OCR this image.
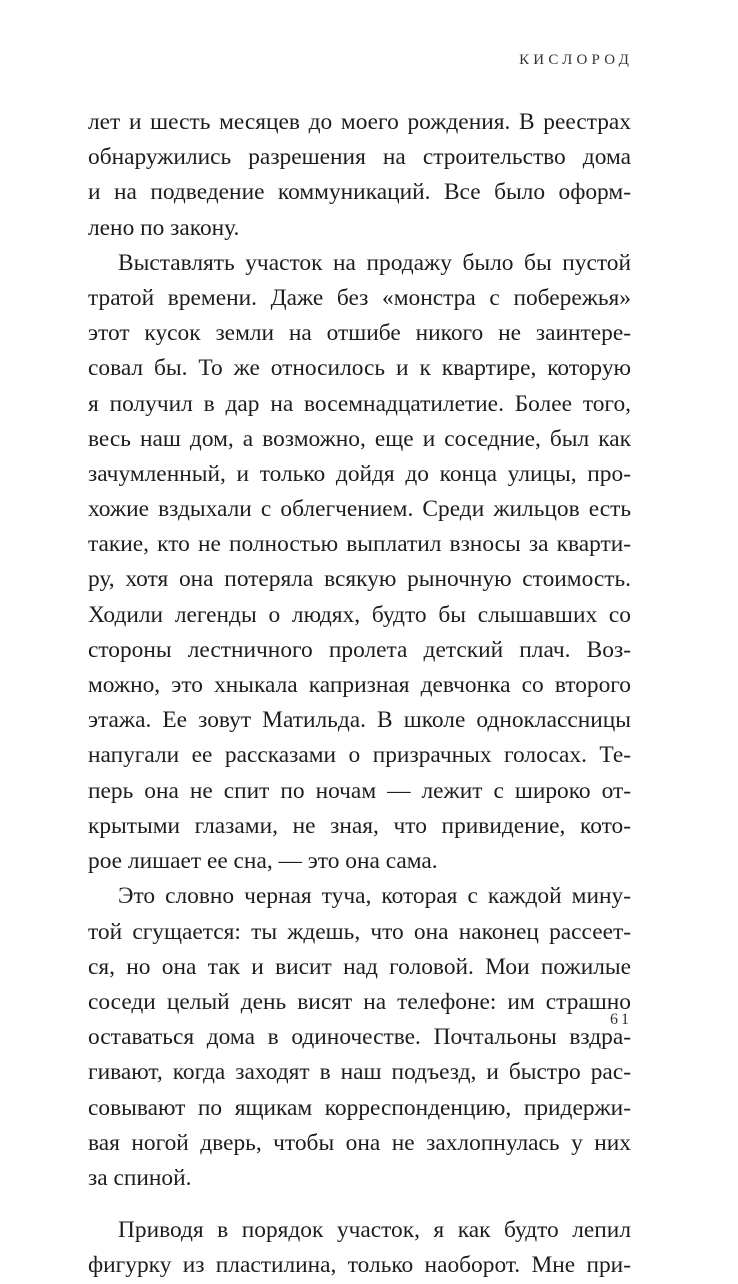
КИСЛОРОД
лет и шесть месяцев до моего рождения. В реестрах
обнаружились разрешения на строительство дома
и на подведение коммуникаций. Все было оформ-
лено по закону.
Выставлять участок на продажу было бы пустой
тратой времени. Даже без «монстра с побережья»
этот кусок земли на отшибе никого не заинтере-
совал бы. То же относилось и к квартире, которую
я получил в дар на восемнадцатилетие. Более того,
весь наш дом, а возможно, еще и соседние, был как
зачумленный, и только дойдя до конца улицы, про-
хожие вздыхали с облегчением. Среди жильцов есть
такие, кто не полностью выплатил взносы за кварти-
ру, хотя она потеряла всякую рыночную стоимость.
Ходили легенды о людях, будто бы слышавших со
стороны лестничного пролета детский плач. Воз-
можно, это хныкала капризная девчонка со второго
этажа. Ее зовут Матильда. В школе одноклассницы
напугали ее рассказами о призрачных голосах. Те-
перь она не спит по ночам — лежит с широко от-
крытыми глазами, не зная, что привидение, кото-
рое лишает ее сна, — это она сама.
Это словно черная туча, которая с каждой мину-
той сгущается: ты ждешь, что она наконец рассеет-
ся, но она так и висит над головой. Мои пожилые
соседи целый день висят на телефоне: им страшно
оставаться дома в одиночестве. Почтальоны вздра-
гивают, когда заходят в наш подъезд, и быстро рас-
совывают по ящикам корреспонденцию, придержи-
вая ногой дверь, чтобы она не захлопнулась у них
за спиной.
Приводя в порядок участок, я как будто лепил
фигурку из пластилина, только наоборот. Мне при-
61
